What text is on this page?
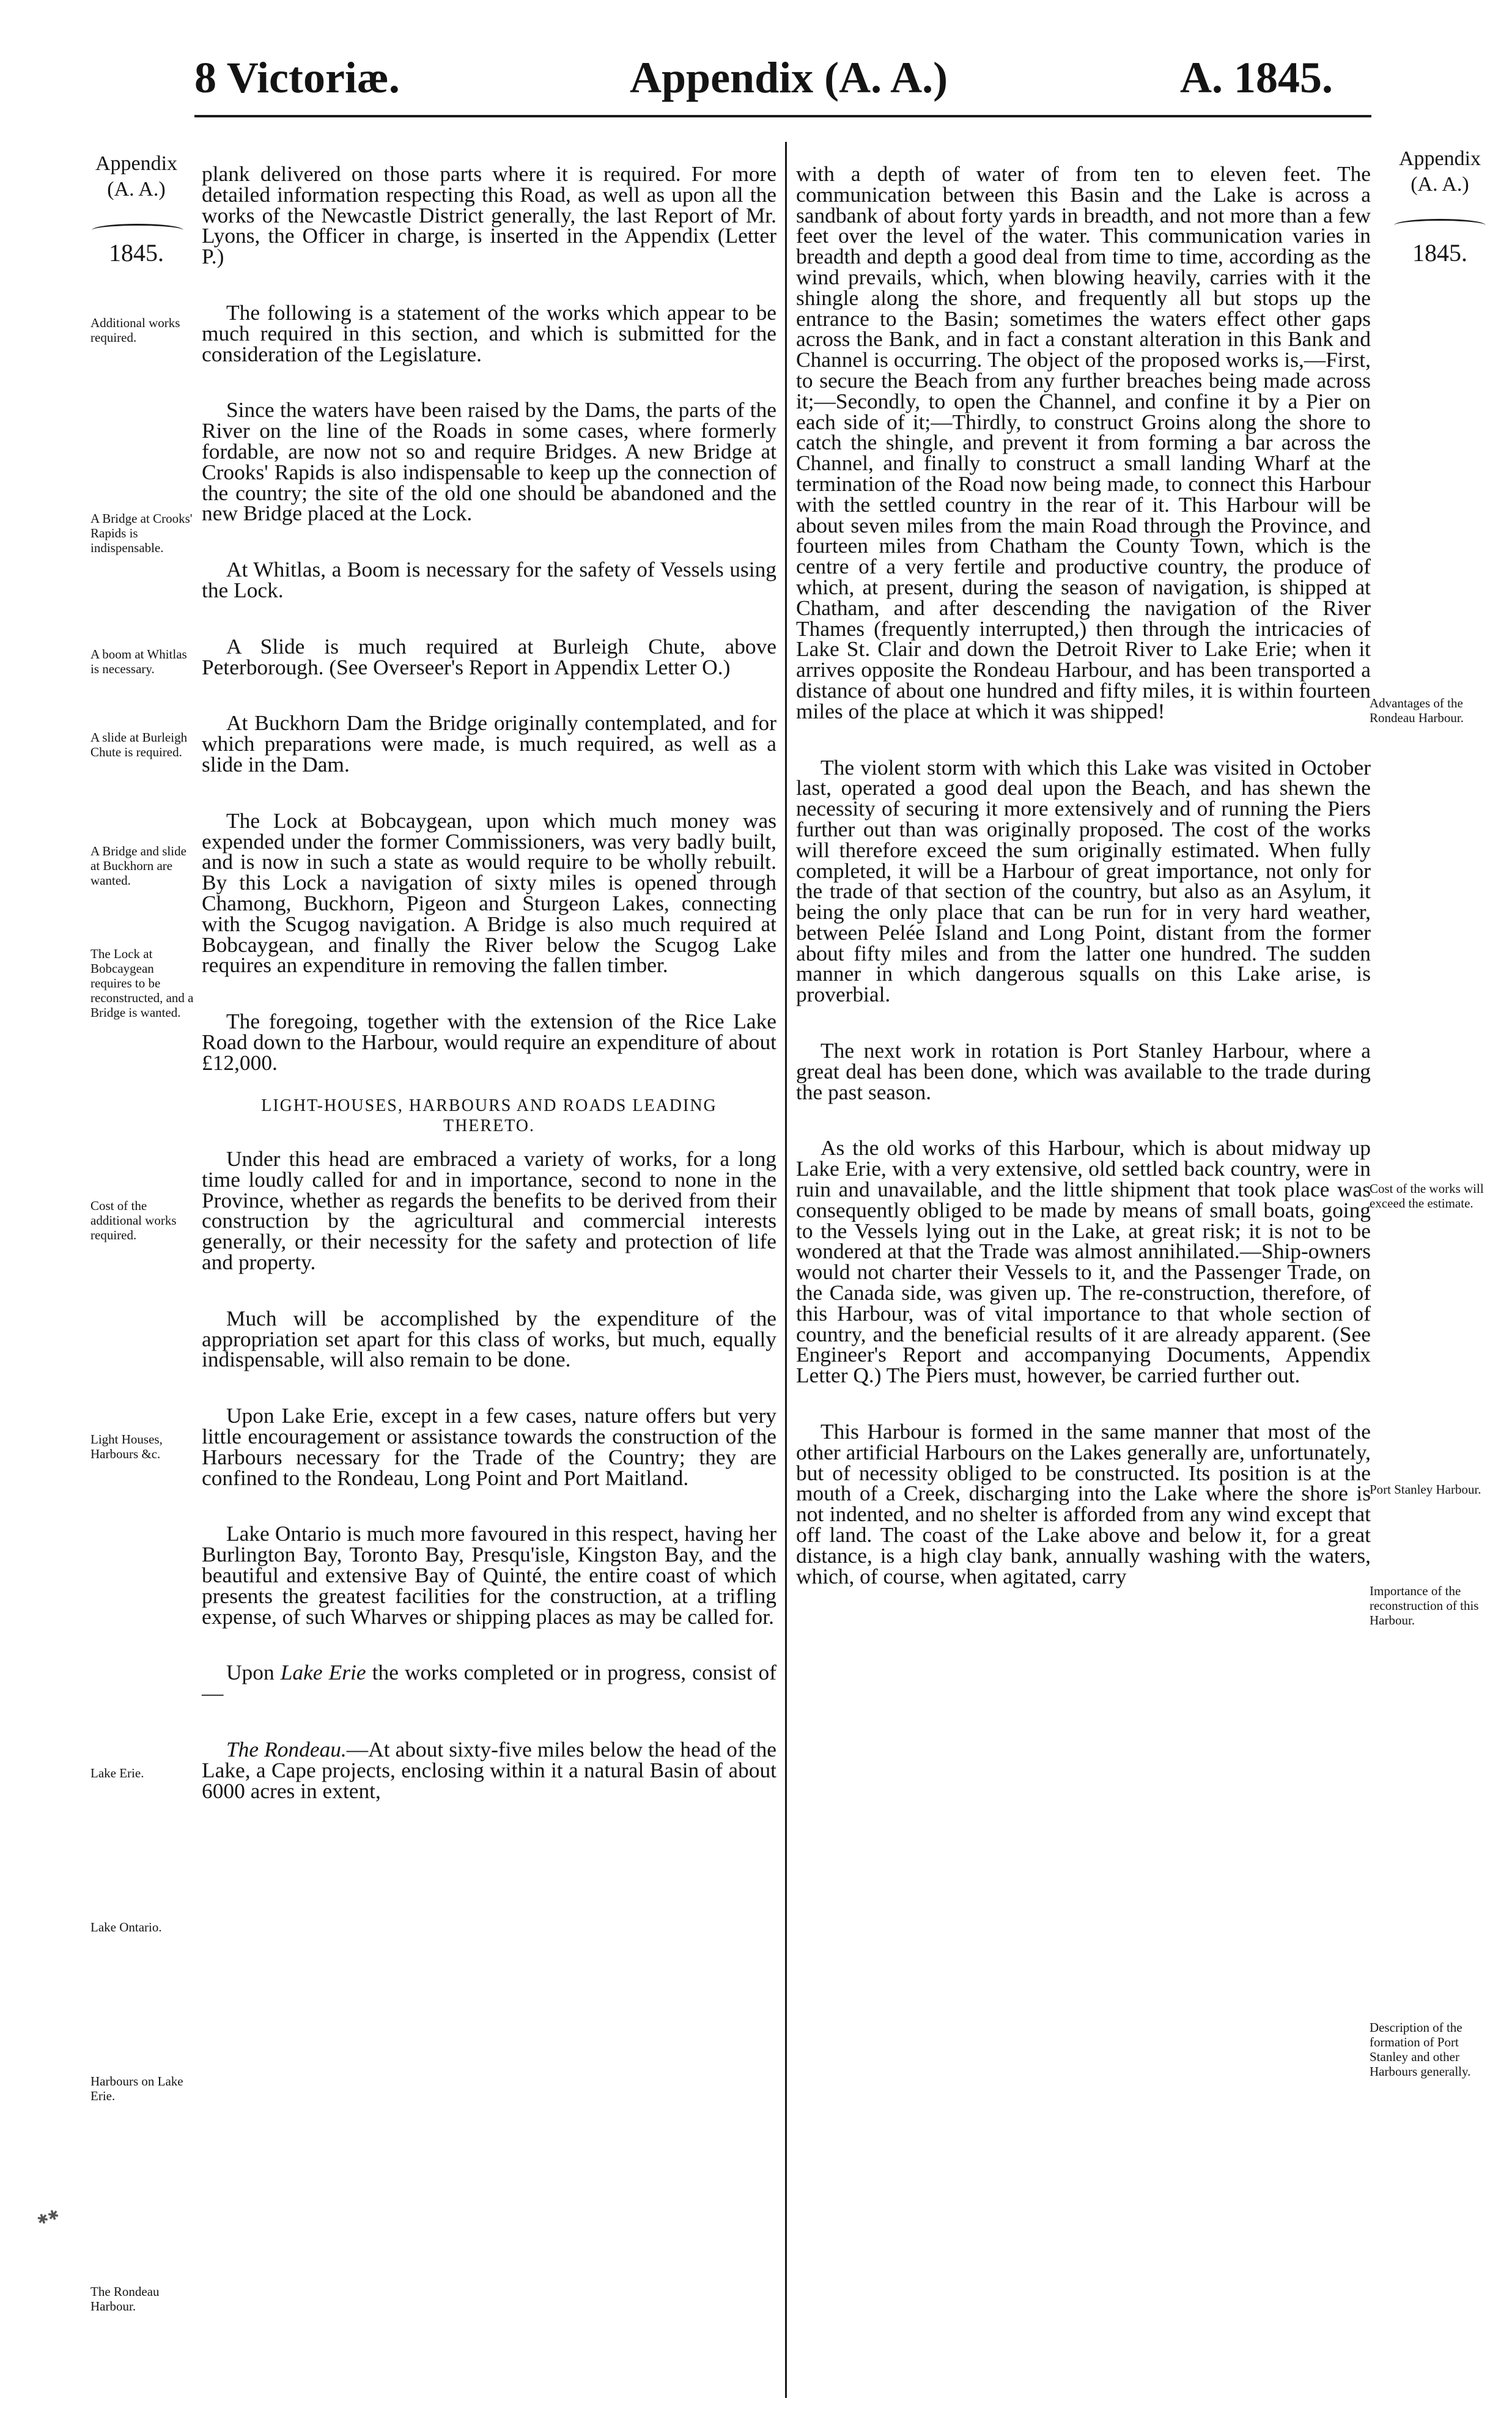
8 Victoriæ.	Appendix (A. A.)	A. 1845.
Appendix
(A. A.)
1845.
Appendix
(A. A.)
1845.

plank delivered on those parts where it is required. For more detailed information respecting this Road, as well as upon all the works of the Newcastle District generally, the last Report of Mr. Lyons, the Officer in charge, is inserted in the Appendix (Letter P.)

The following is a statement of the works which appear to be much required in this section, and which is submitted for the consideration of the Legislature.

Since the waters have been raised by the Dams, the parts of the River on the line of the Roads in some cases, where formerly fordable, are now not so and require Bridges. A new Bridge at Crooks' Rapids is also indispensable to keep up the connection of the country; the site of the old one should be abandoned and the new Bridge placed at the Lock.

At Whitlas, a Boom is necessary for the safety of Vessels using the Lock.

A Slide is much required at Burleigh Chute, above Peterborough. (See Overseer's Report in Appendix Letter O.)

At Buckhorn Dam the Bridge originally contemplated, and for which preparations were made, is much required, as well as a slide in the Dam.

The Lock at Bobcaygean, upon which much money was expended under the former Commissioners, was very badly built, and is now in such a state as would require to be wholly rebuilt. By this Lock a navigation of sixty miles is opened through Chamong, Buckhorn, Pigeon and Sturgeon Lakes, connecting with the Scugog navigation. A Bridge is also much required at Bobcaygean, and finally the River below the Scugog Lake requires an expenditure in removing the fallen timber.

The foregoing, together with the extension of the Rice Lake Road down to the Harbour, would require an expenditure of about £12,000.

LIGHT-HOUSES, HARBOURS AND ROADS LEADING THERETO.

Under this head are embraced a variety of works, for a long time loudly called for and in importance, second to none in the Province, whether as regards the benefits to be derived from their construction by the agricultural and commercial interests generally, or their necessity for the safety and protection of life and property.

Much will be accomplished by the expenditure of the appropriation set apart for this class of works, but much, equally indispensable, will also remain to be done.

Upon Lake Erie, except in a few cases, nature offers but very little encouragement or assistance towards the construction of the Harbours necessary for the Trade of the Country; they are confined to the Rondeau, Long Point and Port Maitland.

Lake Ontario is much more favoured in this respect, having her Burlington Bay, Toronto Bay, Presqu'isle, Kingston Bay, and the beautiful and extensive Bay of Quinté, the entire coast of which presents the greatest facilities for the construction, at a trifling expense, of such Wharves or shipping places as may be called for.

Upon Lake Erie the works completed or in progress, consist of—

The Rondeau.—At about sixty-five miles below the head of the Lake, a Cape projects, enclosing within it a natural Basin of about 6000 acres in extent,

with a depth of water of from ten to eleven feet. The communication between this Basin and the Lake is across a sandbank of about forty yards in breadth, and not more than a few feet over the level of the water. This communication varies in breadth and depth a good deal from time to time, according as the wind prevails, which, when blowing heavily, carries with it the shingle along the shore, and frequently all but stops up the entrance to the Basin; sometimes the waters effect other gaps across the Bank, and in fact a constant alteration in this Bank and Channel is occurring. The object of the proposed works is,—First, to secure the Beach from any further breaches being made across it;—Secondly, to open the Channel, and confine it by a Pier on each side of it;—Thirdly, to construct Groins along the shore to catch the shingle, and prevent it from forming a bar across the Channel, and finally to construct a small landing Wharf at the termination of the Road now being made, to connect this Harbour with the settled country in the rear of it. This Harbour will be about seven miles from the main Road through the Province, and fourteen miles from Chatham the County Town, which is the centre of a very fertile and productive country, the produce of which, at present, during the season of navigation, is shipped at Chatham, and after descending the navigation of the River Thames (frequently interrupted,) then through the intricacies of Lake St. Clair and down the Detroit River to Lake Erie; when it arrives opposite the Rondeau Harbour, and has been transported a distance of about one hundred and fifty miles, it is within fourteen miles of the place at which it was shipped!

The violent storm with which this Lake was visited in October last, operated a good deal upon the Beach, and has shewn the necessity of securing it more extensively and of running the Piers further out than was originally proposed. The cost of the works will therefore exceed the sum originally estimated. When fully completed, it will be a Harbour of great importance, not only for the trade of that section of the country, but also as an Asylum, it being the only place that can be run for in very hard weather, between Pelée Island and Long Point, distant from the former about fifty miles and from the latter one hundred. The sudden manner in which dangerous squalls on this Lake arise, is proverbial.

The next work in rotation is Port Stanley Harbour, where a great deal has been done, which was available to the trade during the past season.

As the old works of this Harbour, which is about midway up Lake Erie, with a very extensive, old settled back country, were in ruin and unavailable, and the little shipment that took place was consequently obliged to be made by means of small boats, going to the Vessels lying out in the Lake, at great risk; it is not to be wondered at that the Trade was almost annihilated.—Ship-owners would not charter their Vessels to it, and the Passenger Trade, on the Canada side, was given up. The re-construction, therefore, of this Harbour, was of vital importance to that whole section of country, and the beneficial results of it are already apparent. (See Engineer's Report and accompanying Documents, Appendix Letter Q.) The Piers must, however, be carried further out.

This Harbour is formed in the same manner that most of the other artificial Harbours on the Lakes generally are, unfortunately, but of necessity obliged to be constructed. Its position is at the mouth of a Creek, discharging into the Lake where the shore is not indented, and no shelter is afforded from any wind except that off land. The coast of the Lake above and below it, for a great distance, is a high clay bank, annually washing with the waters, which, of course, when agitated, carry

Additional works required.
A Bridge at Crooks' Rapids is indispensable.
A boom at Whitlas is necessary.
A slide at Burleigh Chute is required.
A Bridge and slide at Buckhorn are wanted.
The Lock at Bobcaygean requires to be reconstructed, and a Bridge is wanted.
Cost of the additional works required.
Light Houses, Harbours &c.
Lake Erie.
Lake Ontario.
Harbours on Lake Erie.
The Rondeau Harbour.
Advantages of the Rondeau Harbour.
Cost of the works will exceed the estimate.
Port Stanley Harbour.
Importance of the reconstruction of this Harbour.
Description of the formation of Port Stanley and other Harbours generally.
✱✱
